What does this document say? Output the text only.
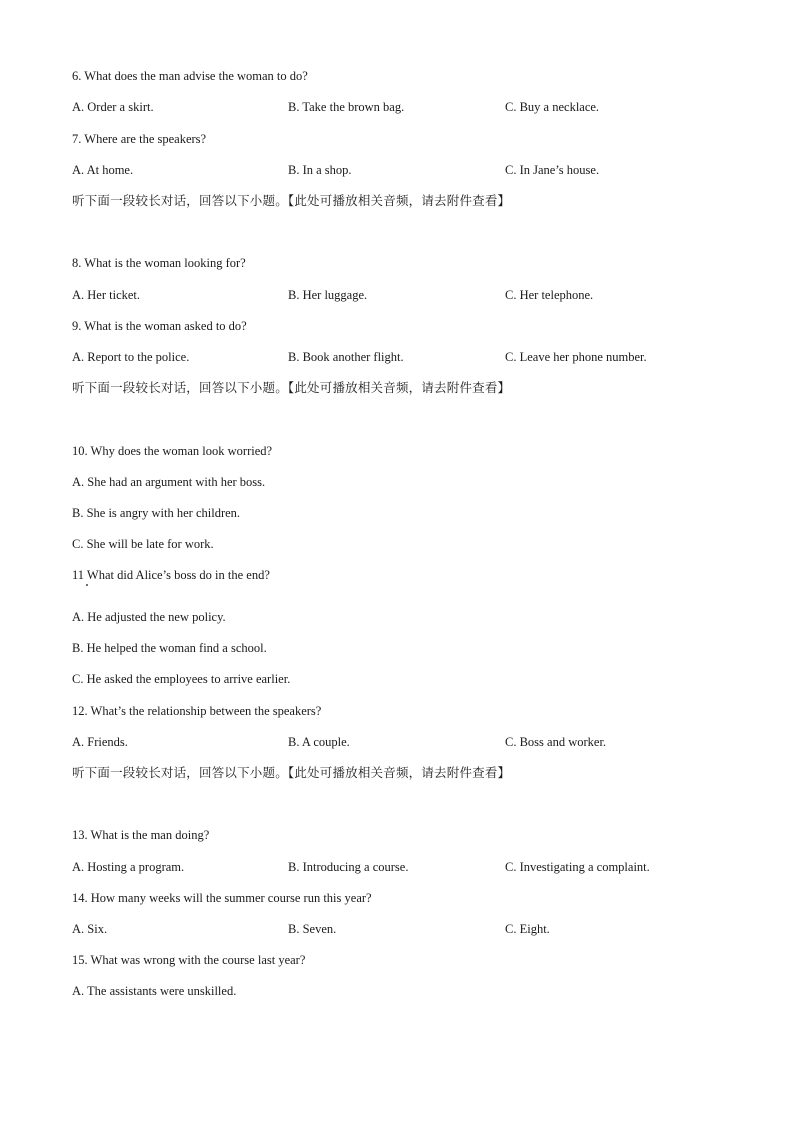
6. What does the man advise the woman to do?
A. Order a skirt.	B. Take the brown bag.	C. Buy a necklace.
7. Where are the speakers?
A. At home.	B. In a shop.	C. In Jane’s house.
听下面一段较长对话，回答以下小题。【此处可播放相关音频，请去附件查看】
8. What is the woman looking for?
A. Her ticket.	B. Her luggage.	C. Her telephone.
9. What is the woman asked to do?
A. Report to the police.	B. Book another flight.	C. Leave her phone number.
听下面一段较长对话，回答以下小题。【此处可播放相关音频，请去附件查看】
10. Why does the woman look worried?
A. She had an argument with her boss.
B. She is angry with her children.
C. She will be late for work.
11 What did Alice’s boss do in the end?
A. He adjusted the new policy.
B. He helped the woman find a school.
C. He asked the employees to arrive earlier.
12. What’s the relationship between the speakers?
A. Friends.	B. A couple.	C. Boss and worker.
听下面一段较长对话，回答以下小题。【此处可播放相关音频，请去附件查看】
13. What is the man doing?
A. Hosting a program.	B. Introducing a course.	C. Investigating a complaint.
14. How many weeks will the summer course run this year?
A. Six.	B. Seven.	C. Eight.
15. What was wrong with the course last year?
A. The assistants were unskilled.
